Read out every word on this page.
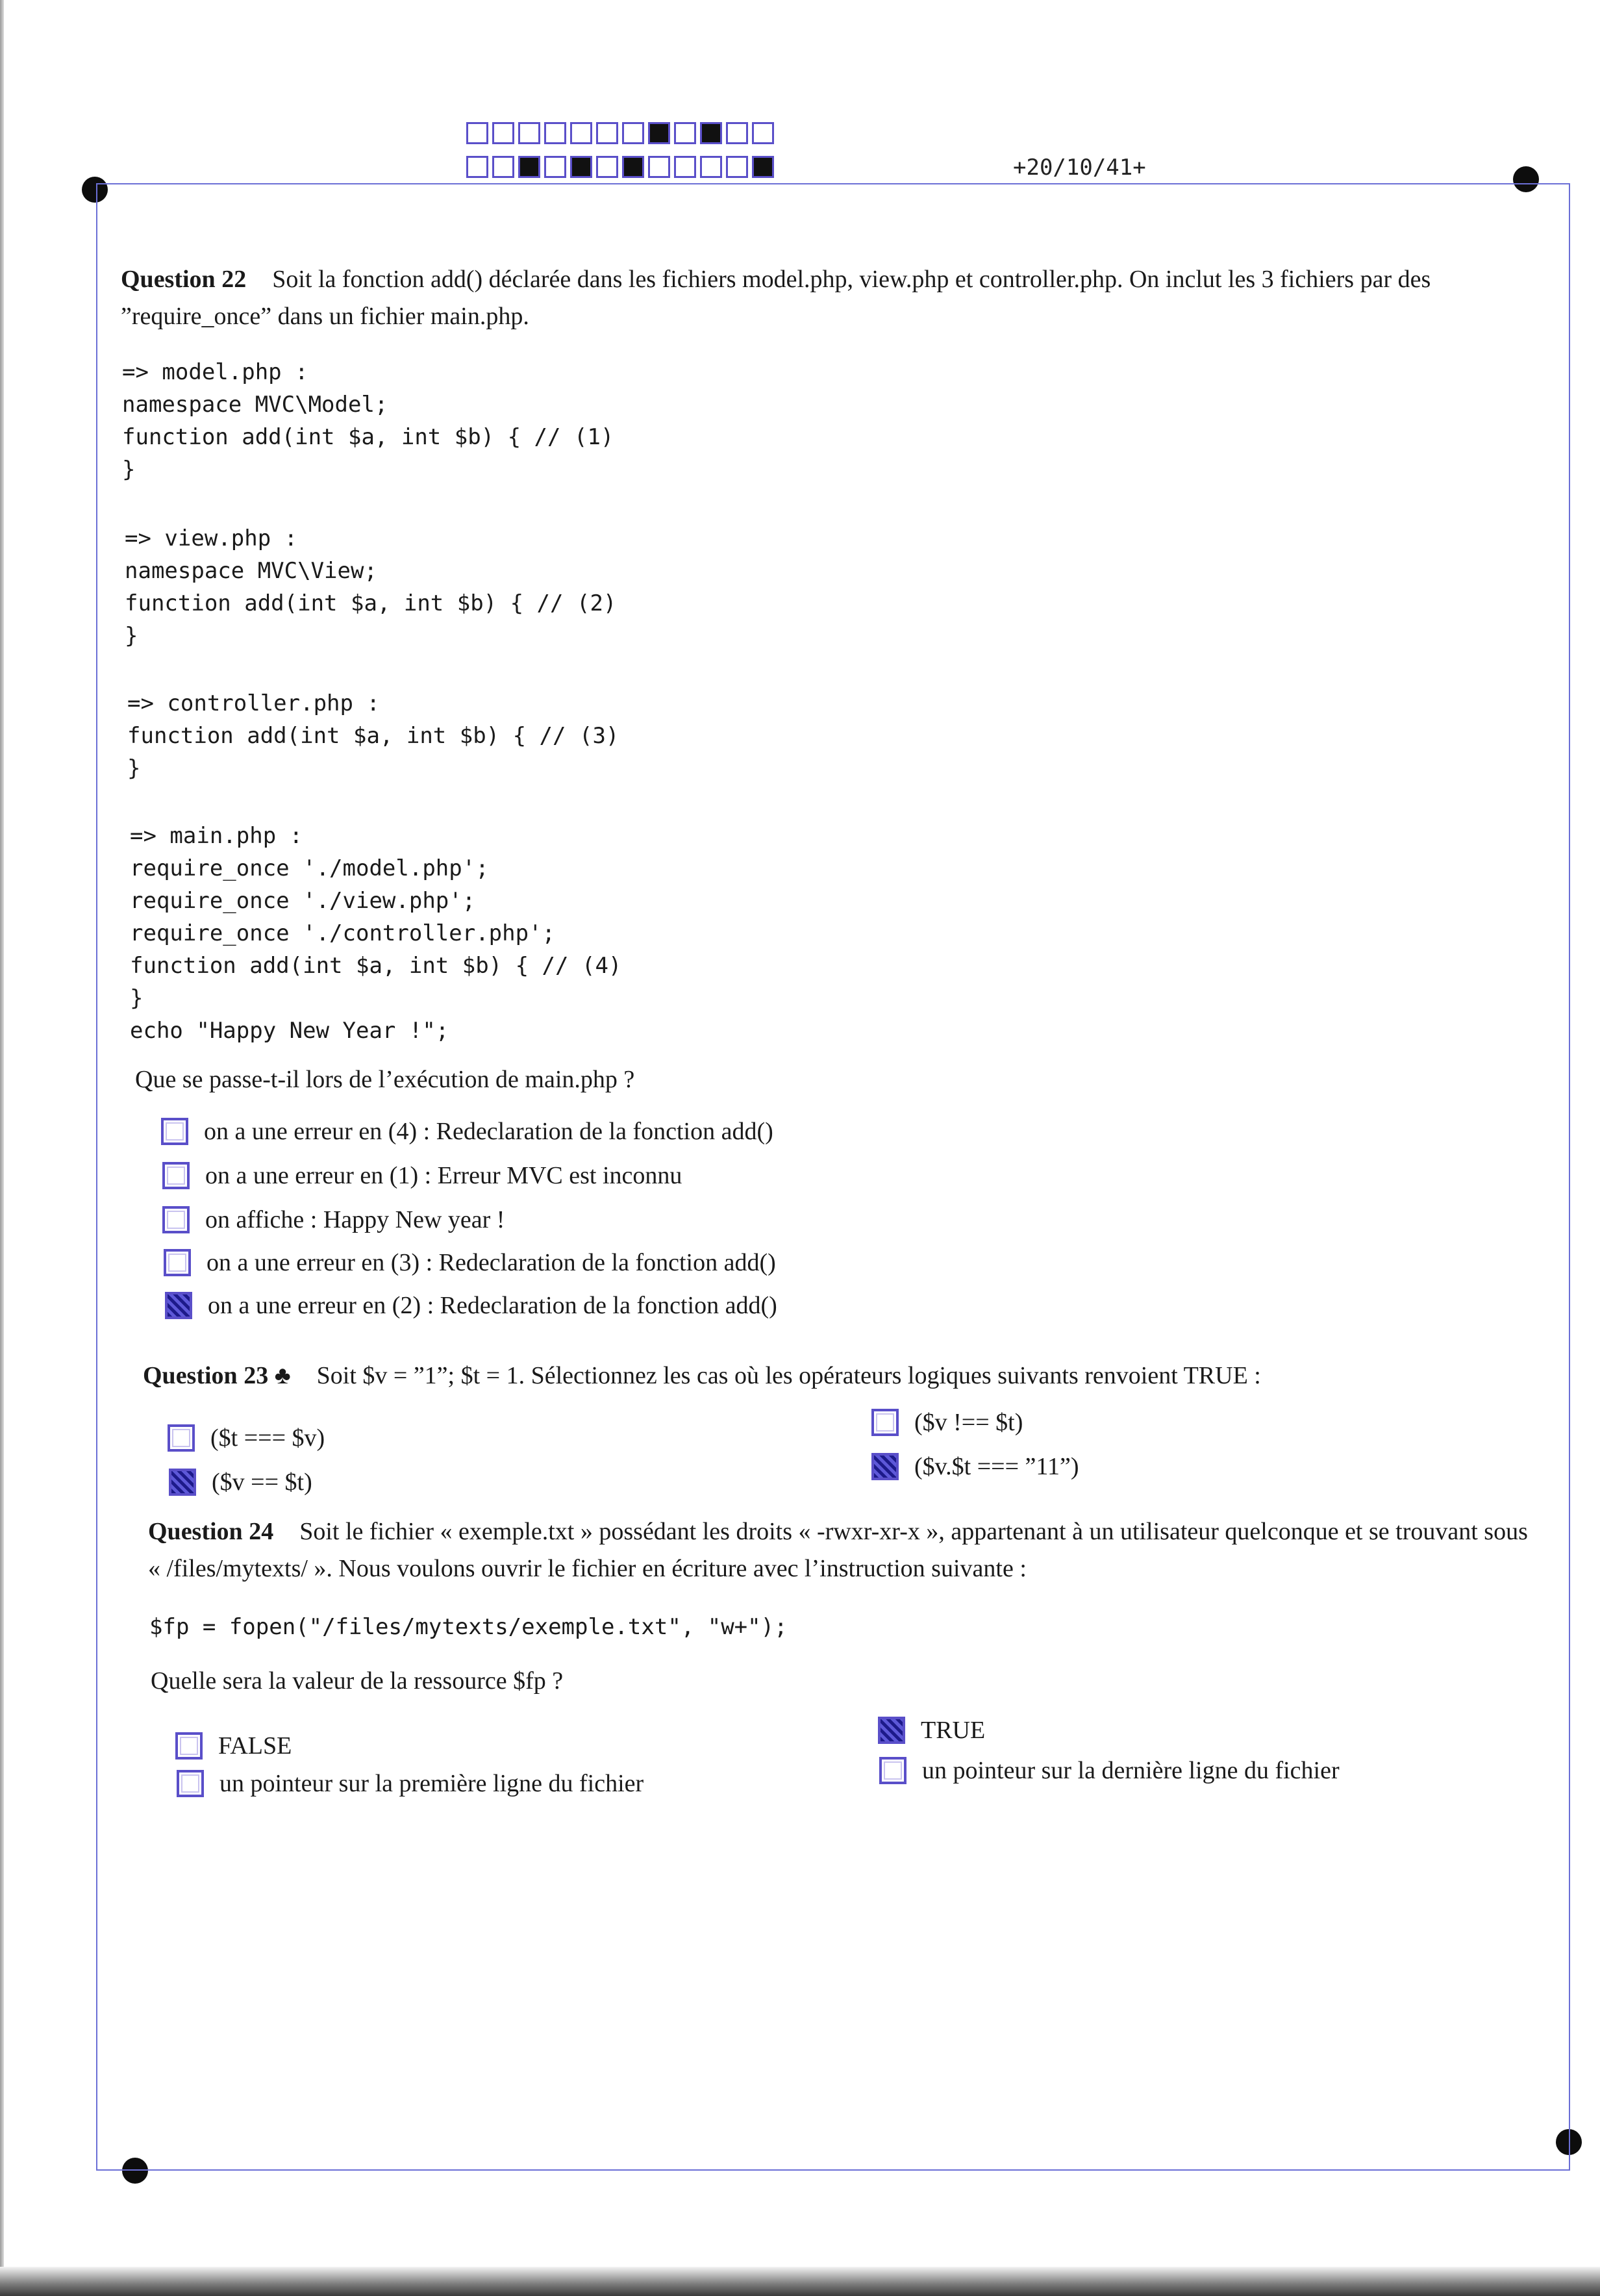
+20/10/41+
Question 22 Soit la fonction add() déclarée dans les fichiers model.php, view.php et controller.php. On inclut les 3 fichiers par des ”require_once” dans un fichier main.php.
=> model.php :
namespace MVC\Model;
function add(int $a, int $b) { // (1)
}
=> view.php :
namespace MVC\View;
function add(int $a, int $b) { // (2)
}
=> controller.php :
function add(int $a, int $b) { // (3)
}
=> main.php :
require_once './model.php';
require_once './view.php';
require_once './controller.php';
function add(int $a, int $b) { // (4)
}
echo "Happy New Year !";
Que se passe-t-il lors de l’exécution de main.php ?
on a une erreur en (4) : Redeclaration de la fonction add()
on a une erreur en (1) : Erreur MVC est inconnu
on affiche : Happy New year !
on a une erreur en (3) : Redeclaration de la fonction add()
on a une erreur en (2) : Redeclaration de la fonction add()
Question 23 ♣ Soit $v = ”1”; $t = 1. Sélectionnez les cas où les opérateurs logiques suivants renvoient TRUE :
($t === $v)
($v == $t)
($v !== $t)
($v.$t === ”11”)
Question 24 Soit le fichier « exemple.txt » possédant les droits « -rwxr-xr-x », appartenant à un utilisateur quelconque et se trouvant sous « /files/mytexts/ ». Nous voulons ouvrir le fichier en écriture avec l’instruction suivante :
$fp = fopen("/files/mytexts/exemple.txt", "w+");
Quelle sera la valeur de la ressource $fp ?
FALSE
un pointeur sur la première ligne du fichier
TRUE
un pointeur sur la dernière ligne du fichier
